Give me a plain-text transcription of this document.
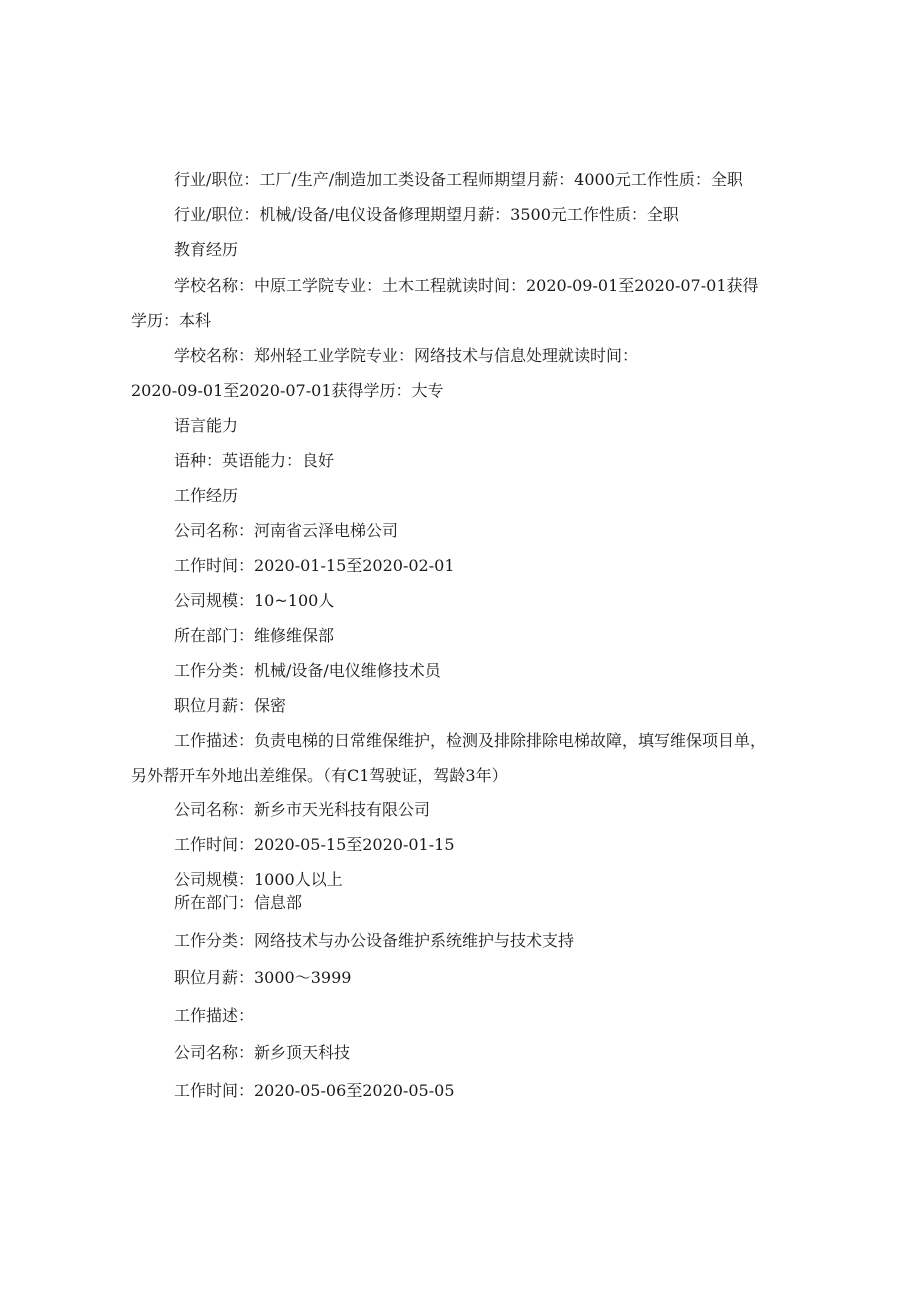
行业/职位：工厂/生产/制造加工类设备工程师期望月薪：4000元工作性质：全职
行业/职位：机械/设备/电仪设备修理期望月薪：3500元工作性质：全职
教育经历
学校名称：中原工学院专业：土木工程就读时间：2020-09-01至2020-07-01获得
学历：本科
学校名称：郑州轻工业学院专业：网络技术与信息处理就读时间：
2020-09-01至2020-07-01获得学历：大专
语言能力
语种：英语能力：良好
工作经历
公司名称：河南省云泽电梯公司
工作时间：2020-01-15至2020-02-01
公司规模：10~100人
所在部门：维修维保部
工作分类：机械/设备/电仪维修技术员
职位月薪：保密
工作描述：负责电梯的日常维保维护，检测及排除排除电梯故障，填写维保项目单，
另外帮开车外地出差维保。（有C1驾驶证，驾龄3年）
公司名称：新乡市天光科技有限公司
工作时间：2020-05-15至2020-01-15
公司规模：1000人以上
所在部门：信息部
工作分类：网络技术与办公设备维护系统维护与技术支持
职位月薪：3000～3999
工作描述：
公司名称：新乡顶天科技
工作时间：2020-05-06至2020-05-05
